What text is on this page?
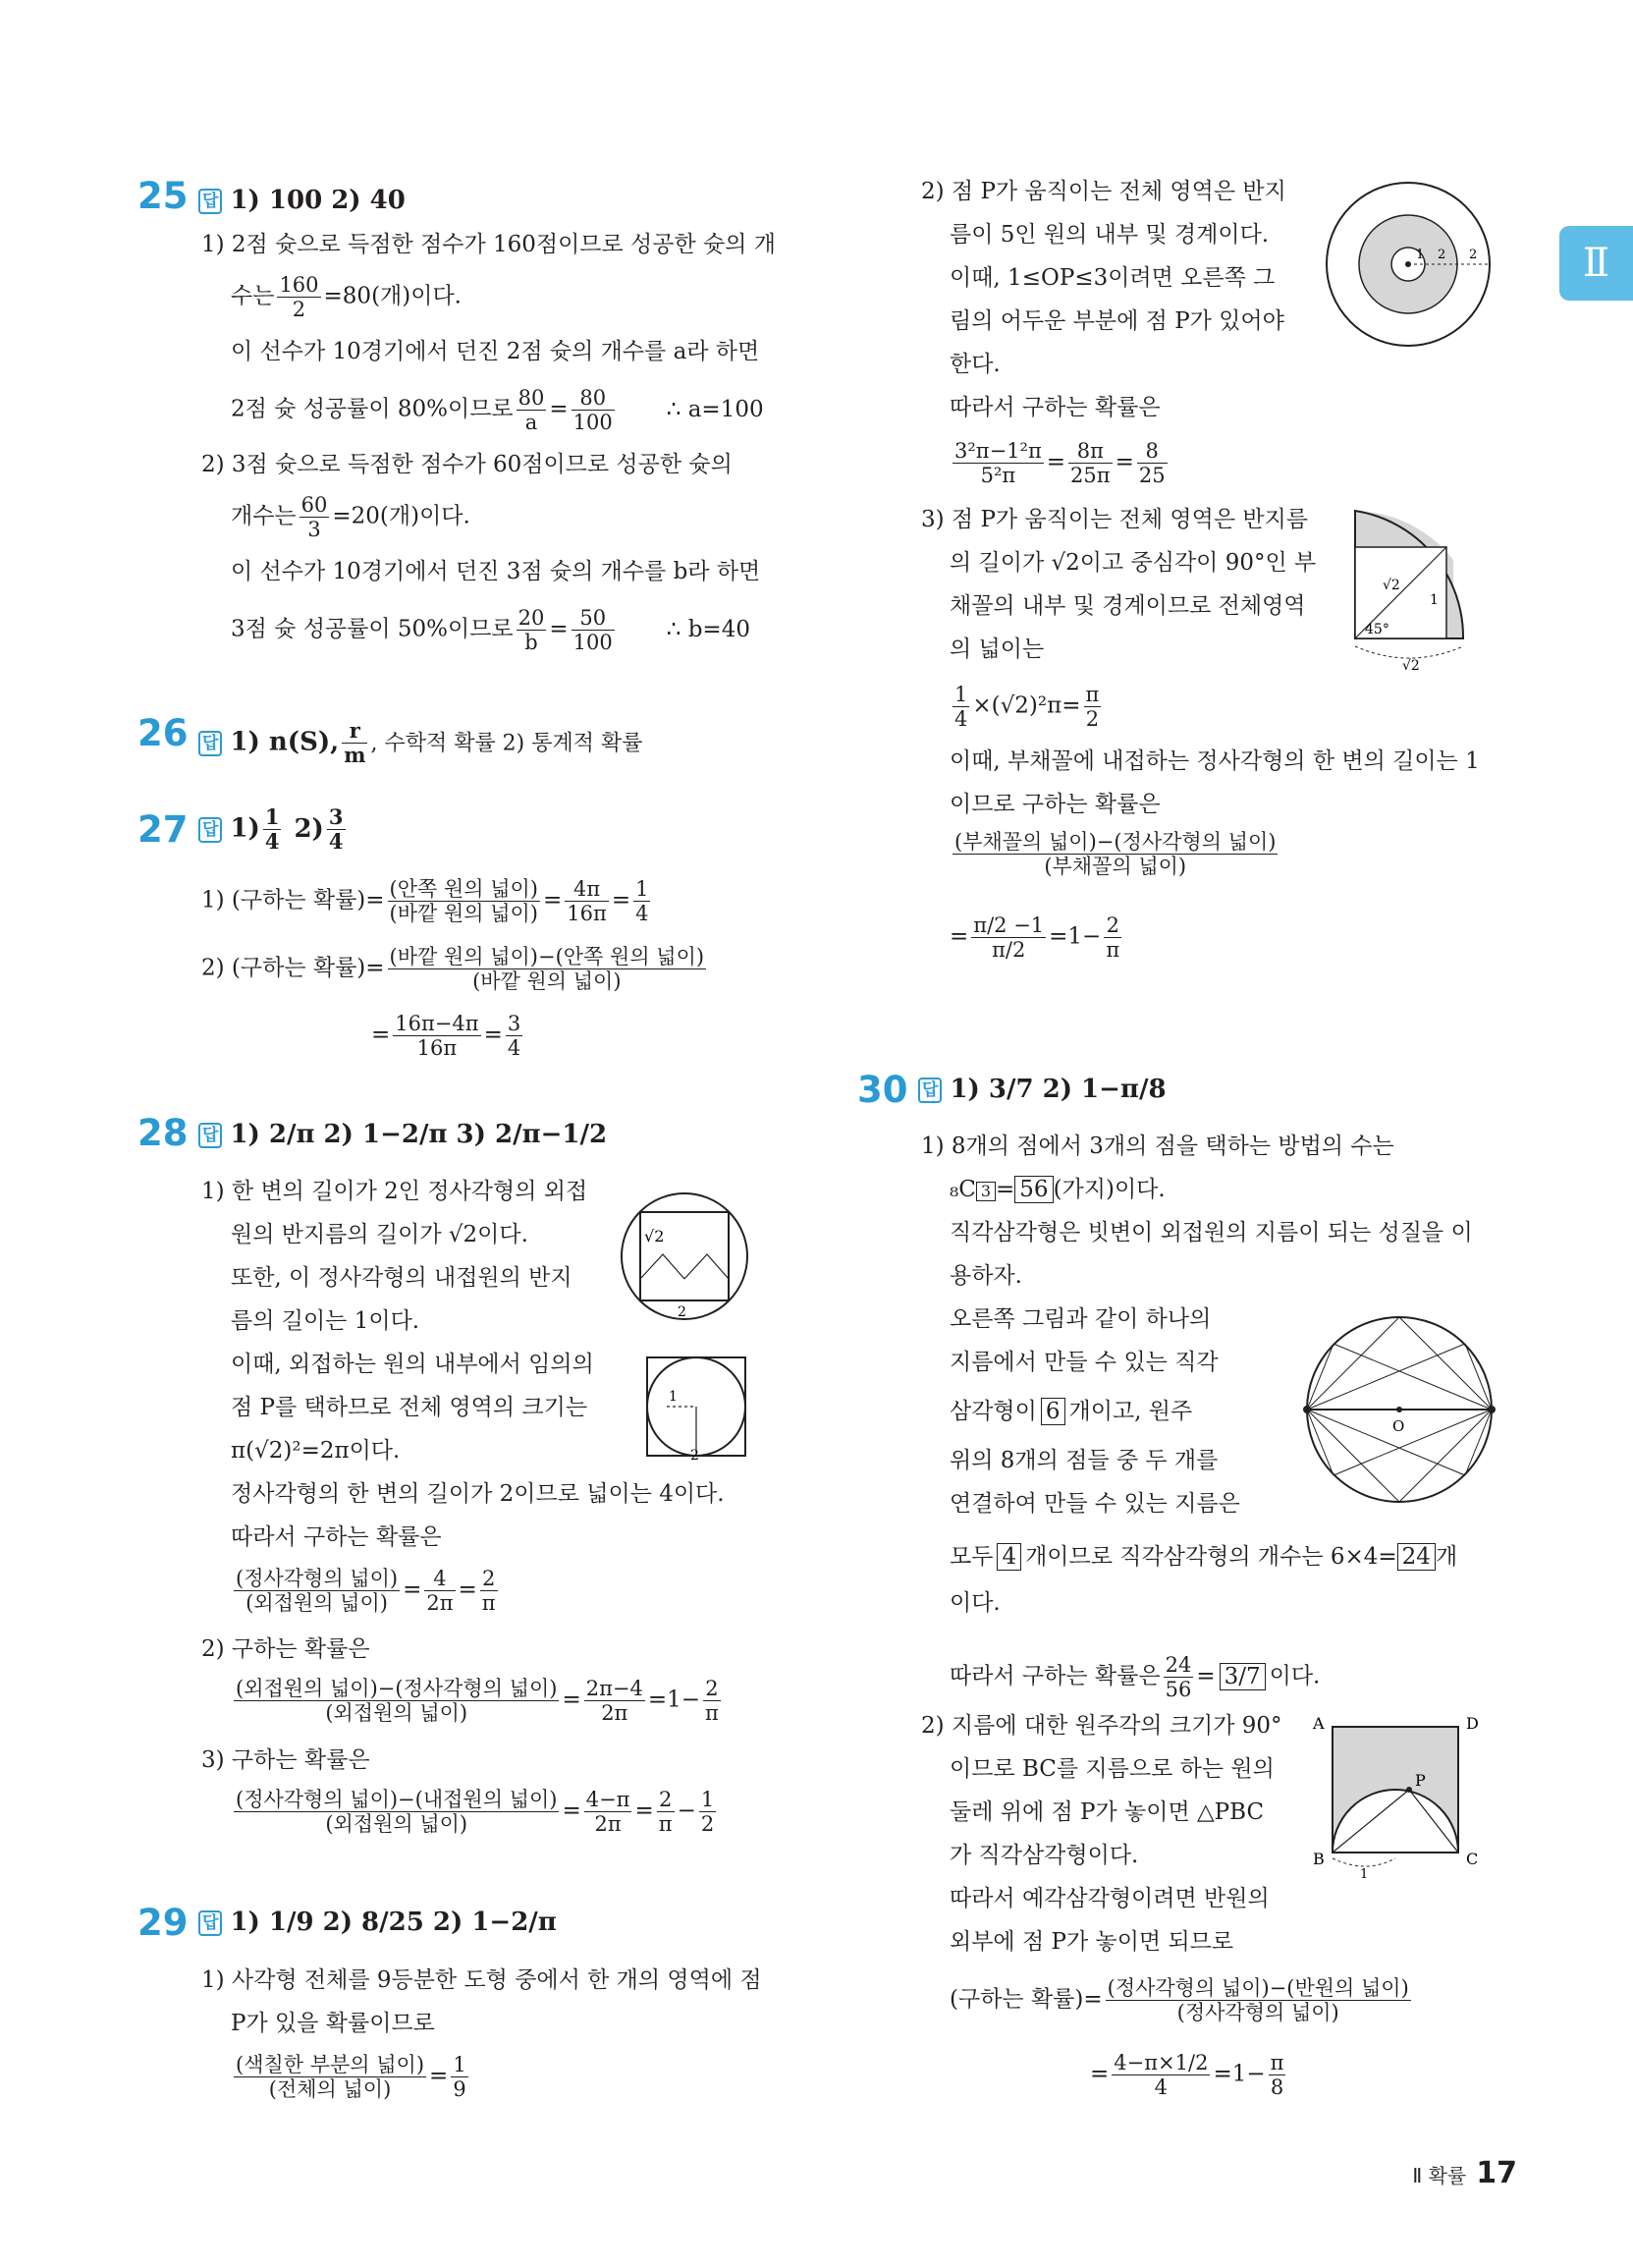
Ⅱ
25 답 1) 100 2) 40
1) 2점 슛으로 득점한 점수가 160점이므로 성공한 슛의 개
수는 $\frac{160}{2} =80$(개)이다.
이 선수가 10경기에서 던진 2점 슛의 개수를 a라 하면
2점 슛 성공률이 80%이므로 $\frac{80}{a} = \frac{80}{100}$ ∴ a=100
2) 3점 슛으로 득점한 점수가 60점이므로 성공한 슛의
개수는 $\frac{60}{3} =20$(개)이다.
이 선수가 10경기에서 던진 3점 슛의 개수를 b라 하면
3점 슛 성공률이 50%이므로 $\frac{20}{b} = \frac{50}{100}$ ∴ b=40
26 답 1) n(S), $\frac{r}{m}$ , 수학적 확률 2) 통계적 확률
27 답 $1) \frac{1}{4} 2) \frac{3}{4}$
1) (구하는 확률)= $\frac{\text{(안쪽 원의 넓이)}}{\text{(바깥 원의 넓이)}} = \frac{4\pi}{16\pi} = \frac{1}{4}$
2) (구하는 확률)= $\frac{\text{(바깥 원의 넓이)−(안쪽 원의 넓이)}}{\text{(바깥 원의 넓이)}}$
= $\frac{16\pi-4\pi}{16\pi} = \frac{3}{4}$
28 답 1) 2/π 2) 1−2/π 3) 2/π−1/2
1) 한 변의 길이가 2인 정사각형의 외접
원의 반지름의 길이가 √2이다.
또한, 이 정사각형의 내접원의 반지
름의 길이는 1이다.
이때, 외접하는 원의 내부에서 임의의
점 P를 택하므로 전체 영역의 크기는
π(√2)²=2π이다.
정사각형의 한 변의 길이가 2이므로 넓이는 4이다.
따라서 구하는 확률은
$\frac{\text{(정사각형의 넓이)}}{\text{(외접원의 넓이)}} = \frac{4}{2\pi} = \frac{2}{\pi}$
2) 구하는 확률은
$\frac{\text{(외접원의 넓이)−(정사각형의 넓이)}}{\text{(외접원의 넓이)}} = \frac{2\pi-4}{2\pi} =1- \frac{2}{\pi}$
3) 구하는 확률은
$\frac{\text{(정사각형의 넓이)−(내접원의 넓이)}}{\text{(외접원의 넓이)}} = \frac{4-\pi}{2\pi} = \frac{2}{\pi} - \frac{1}{2}$
√2
2
1
2
29 답 1) 1/9 2) 8/25 2) 1−2/π
1) 사각형 전체를 9등분한 도형 중에서 한 개의 영역에 점
P가 있을 확률이므로
$\frac{\text{(색칠한 부분의 넓이)}}{\text{(전체의 넓이)}} = \frac{1}{9}$
2) 점 P가 움직이는 전체 영역은 반지
름이 5인 원의 내부 및 경계이다.
이때, 1≤OP≤3이려면 오른쪽 그
림의 어두운 부분에 점 P가 있어야
한다.
따라서 구하는 확률은
$\frac{\text{3²π−1²π}}{\text{5²π}} = \frac{8\pi}{25\pi} = \frac{8}{25}$
3) 점 P가 움직이는 전체 영역은 반지름
의 길이가 √2이고 중심각이 90°인 부
채꼴의 내부 및 경계이므로 전체영역
의 넓이는
$\frac{1}{4} \times(√2)^2\pi= \frac{\pi}{2}$
이때, 부채꼴에 내접하는 정사각형의 한 변의 길이는 1
이므로 구하는 확률은
$\frac{\text{(부채꼴의 넓이)−(정사각형의 넓이)}}{\text{(부채꼴의 넓이)}}$
= $\frac{\pi/2 -1}{\pi/2} =1- \frac{2}{\pi}$
1 2 2
√2
1
45°
√2
30 답 1) 3/7 2) 1−π/8
1) 8개의 점에서 3개의 점을 택하는 방법의 수는
₈C 3 = 56 (가지)이다.
직각삼각형은 빗변이 외접원의 지름이 되는 성질을 이
용하자.
오른쪽 그림과 같이 하나의
지름에서 만들 수 있는 직각
삼각형이 6 개이고, 원주
위의 8개의 점들 중 두 개를
연결하여 만들 수 있는 지름은
모두 4 개이므로 직각삼각형의 개수는 6×4= 24 개
이다.
따라서 구하는 확률은 $\frac{24}{56} = 3/7$ 이다.
2) 지름에 대한 원주각의 크기가 90°
이므로 BC를 지름으로 하는 원의
둘레 위에 점 P가 놓이면 △PBC
가 직각삼각형이다.
따라서 예각삼각형이려면 반원의
외부에 점 P가 놓이면 되므로
(구하는 확률)= $\frac{\text{(정사각형의 넓이)−(반원의 넓이)}}{\text{(정사각형의 넓이)}}$
= $\frac{4-\pi\times 1/2}{4} =1- \frac{\pi}{8}$
O
A	D
B	C
P
1
Ⅱ 확률 17
